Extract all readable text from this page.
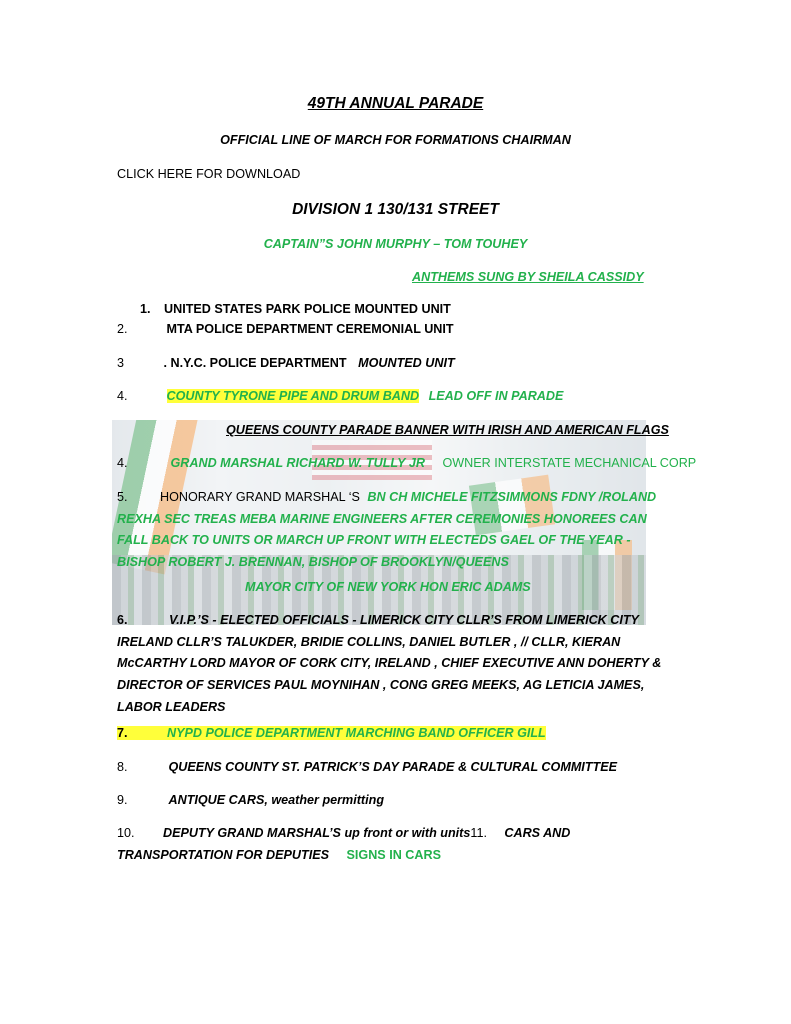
49TH ANNUAL PARADE
OFFICIAL LINE OF MARCH FOR FORMATIONS CHAIRMAN
CLICK HERE FOR DOWNLOAD
DIVISION 1 130/131 STREET
CAPTAIN”S JOHN MURPHY – TOM TOUHEY
ANTHEMS SUNG BY SHEILA CASSIDY
1. UNITED STATES PARK POLICE MOUNTED UNIT
2.	MTA POLICE DEPARTMENT CEREMONIAL UNIT
3	. N.Y.C. POLICE DEPARTMENT MOUNTED UNIT
4.	COUNTY TYRONE PIPE AND DRUM BAND LEAD OFF IN PARADE
QUEENS COUNTY PARADE BANNER WITH IRISH AND AMERICAN FLAGS
4.	GRAND MARSHAL RICHARD W. TULLY JR OWNER INTERSTATE MECHANICAL CORP
5.	HONORARY GRAND MARSHAL ‘S BN CH MICHELE FITZSIMMONS FDNY /ROLAND REXHA SEC TREAS MEBA MARINE ENGINEERS AFTER CEREMONIES HONOREES CAN FALL BACK TO UNITS OR MARCH UP FRONT WITH ELECTEDS GAEL OF THE YEAR -BISHOP ROBERT J. BRENNAN, BISHOP OF BROOKLYN/QUEENS
MAYOR CITY OF NEW YORK HON ERIC ADAMS
6.	V.I.P.’S - ELECTED OFFICIALS - LIMERICK CITY CLLR’S FROM LIMERICK CITY IRELAND CLLR’S TALUKDER, BRIDIE COLLINS, DANIEL BUTLER , // CLLR, KIERAN McCARTHY LORD MAYOR OF CORK CITY, IRELAND , CHIEF EXECUTIVE ANN DOHERTY & DIRECTOR OF SERVICES PAUL MOYNIHAN , CONG GREG MEEKS, AG LETICIA JAMES, LABOR LEADERS
7.	NYPD POLICE DEPARTMENT MARCHING BAND OFFICER GILL
8.	QUEENS COUNTY ST. PATRICK’S DAY PARADE & CULTURAL COMMITTEE
9.	ANTIQUE CARS, weather permitting
10. DEPUTY GRAND MARSHAL’S up front or with units11. CARS AND TRANSPORTATION FOR DEPUTIES SIGNS IN CARS
